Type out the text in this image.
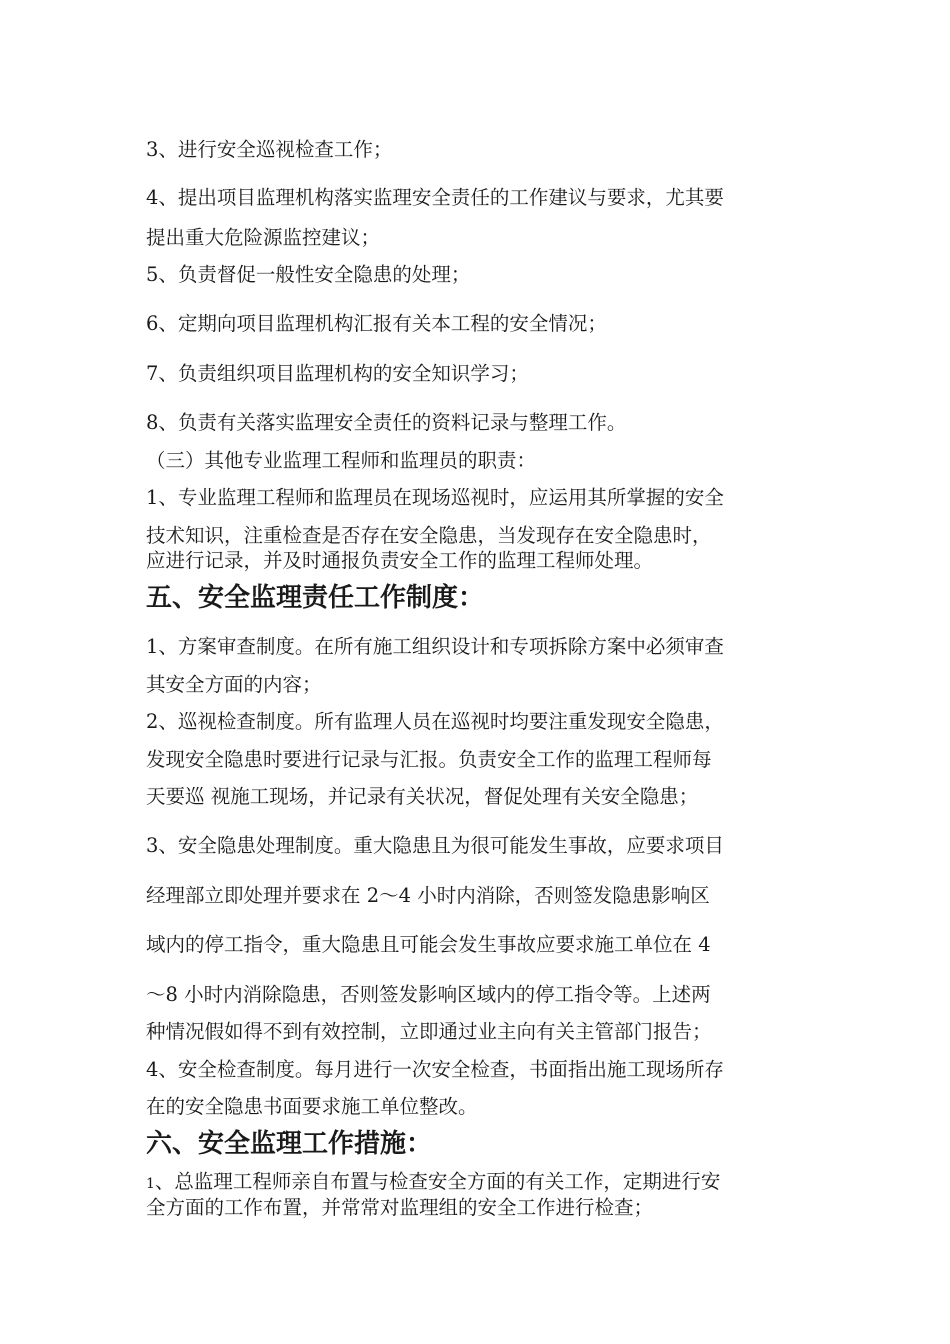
3、进行安全巡视检查工作；
4、提出项目监理机构落实监理安全责任的工作建议与要求，尤其要
提出重大危险源监控建议；
5、负责督促一般性安全隐患的处理；
6、定期向项目监理机构汇报有关本工程的安全情况；
7、负责组织项目监理机构的安全知识学习；
8、负责有关落实监理安全责任的资料记录与整理工作。
（三）其他专业监理工程师和监理员的职责：
1、专业监理工程师和监理员在现场巡视时，应运用其所掌握的安全
技术知识，注重检查是否存在安全隐患，当发现存在安全隐患时，
应进行记录，并及时通报负责安全工作的监理工程师处理。
五、安全监理责任工作制度：
1、方案审查制度。在所有施工组织设计和专项拆除方案中必须审查
其安全方面的内容；
2、巡视检查制度。所有监理人员在巡视时均要注重发现安全隐患，
发现安全隐患时要进行记录与汇报。负责安全工作的监理工程师每
天要巡 视施工现场，并记录有关状况，督促处理有关安全隐患；
3、安全隐患处理制度。重大隐患且为很可能发生事故，应要求项目
经理部立即处理并要求在 2～4 小时内消除，否则签发隐患影响区
域内的停工指令，重大隐患且可能会发生事故应要求施工单位在 4
～8 小时内消除隐患，否则签发影响区域内的停工指令等。上述两
种情况假如得不到有效控制，立即通过业主向有关主管部门报告；
4、安全检查制度。每月进行一次安全检查，书面指出施工现场所存
在的安全隐患书面要求施工单位整改。
六、安全监理工作措施：
1、总监理工程师亲自布置与检查安全方面的有关工作，定期进行安
全方面的工作布置，并常常对监理组的安全工作进行检查；
